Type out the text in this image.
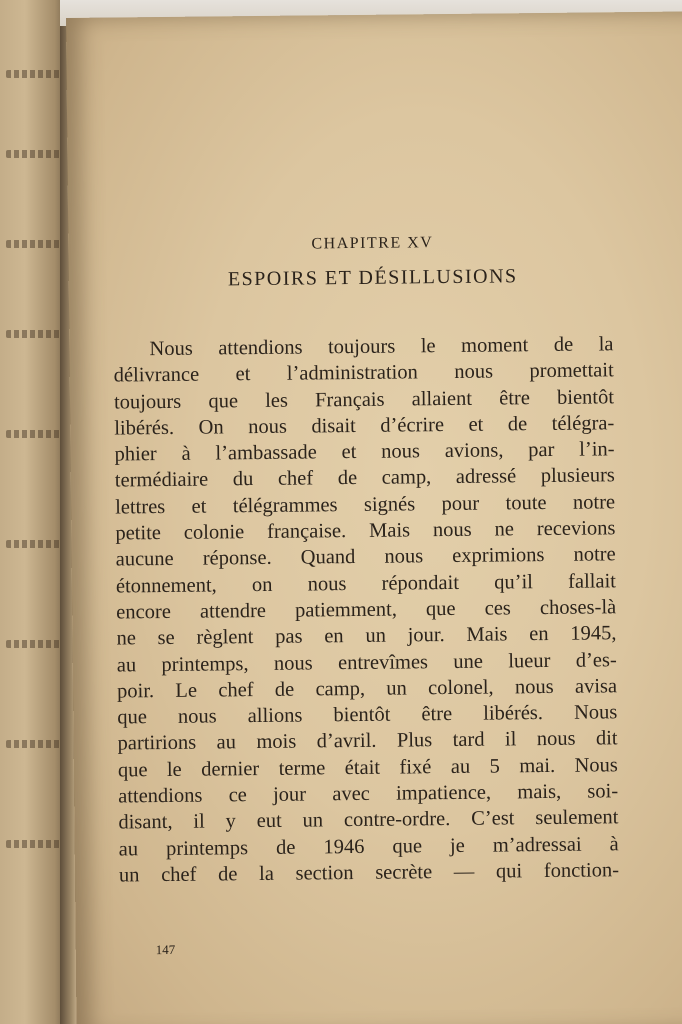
CHAPITRE XV
ESPOIRS ET DÉSILLUSIONS
Nous attendions toujours le moment de la
délivrance et l’administration nous promettait
toujours que les Français allaient être bientôt
libérés. On nous disait d’écrire et de télégra-
phier à l’ambassade et nous avions, par l’in-
termédiaire du chef de camp, adressé plusieurs
lettres et télégrammes signés pour toute notre
petite colonie française. Mais nous ne recevions
aucune réponse. Quand nous exprimions notre
étonnement, on nous répondait qu’il fallait
encore attendre patiemment, que ces choses-là
ne se règlent pas en un jour. Mais en 1945,
au printemps, nous entrevîmes une lueur d’es-
poir. Le chef de camp, un colonel, nous avisa
que nous allions bientôt être libérés. Nous
partirions au mois d’avril. Plus tard il nous dit
que le dernier terme était fixé au 5 mai. Nous
attendions ce jour avec impatience, mais, soi-
disant, il y eut un contre-ordre. C’est seulement
au printemps de 1946 que je m’adressai à
un chef de la section secrète — qui fonction-
147
